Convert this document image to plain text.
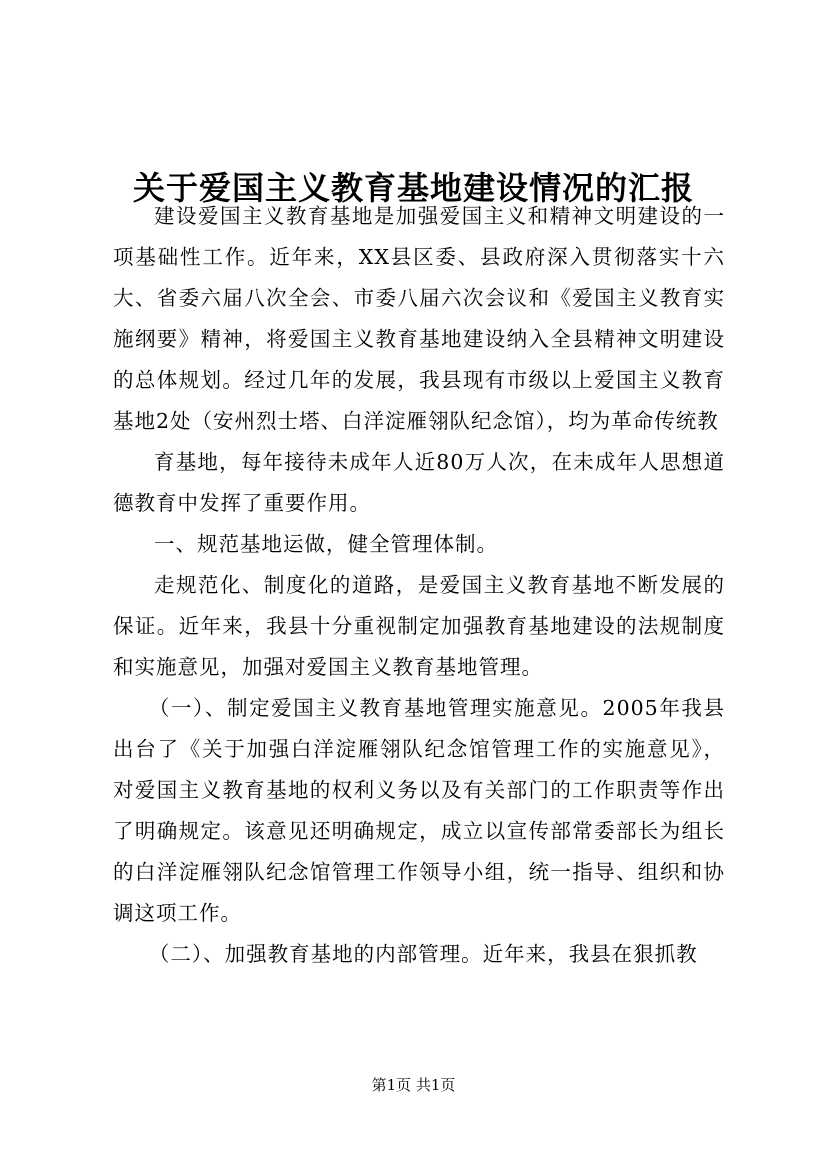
关于爱国主义教育基地建设情况的汇报

建设爱国主义教育基地是加强爱国主义和精神文明建设的一项基础性工作。近年来，XX县区委、县政府深入贯彻落实十六大、省委六届八次全会、市委八届六次会议和《爱国主义教育实施纲要》精神，将爱国主义教育基地建设纳入全县精神文明建设的总体规划。经过几年的发展，我县现有市级以上爱国主义教育基地2处（安州烈士塔、白洋淀雁翎队纪念馆），均为革命传统教

育基地，每年接待未成年人近80万人次，在未成年人思想道德教育中发挥了重要作用。

一、规范基地运做，健全管理体制。

走规范化、制度化的道路，是爱国主义教育基地不断发展的保证。近年来，我县十分重视制定加强教育基地建设的法规制度和实施意见，加强对爱国主义教育基地管理。

（一）、制定爱国主义教育基地管理实施意见。2005年我县出台了《关于加强白洋淀雁翎队纪念馆管理工作的实施意见》，对爱国主义教育基地的权利义务以及有关部门的工作职责等作出了明确规定。该意见还明确规定，成立以宣传部常委部长为组长的白洋淀雁翎队纪念馆管理工作领导小组，统一指导、组织和协调这项工作。

（二）、加强教育基地的内部管理。近年来，我县在狠抓教

第1页 共1页
